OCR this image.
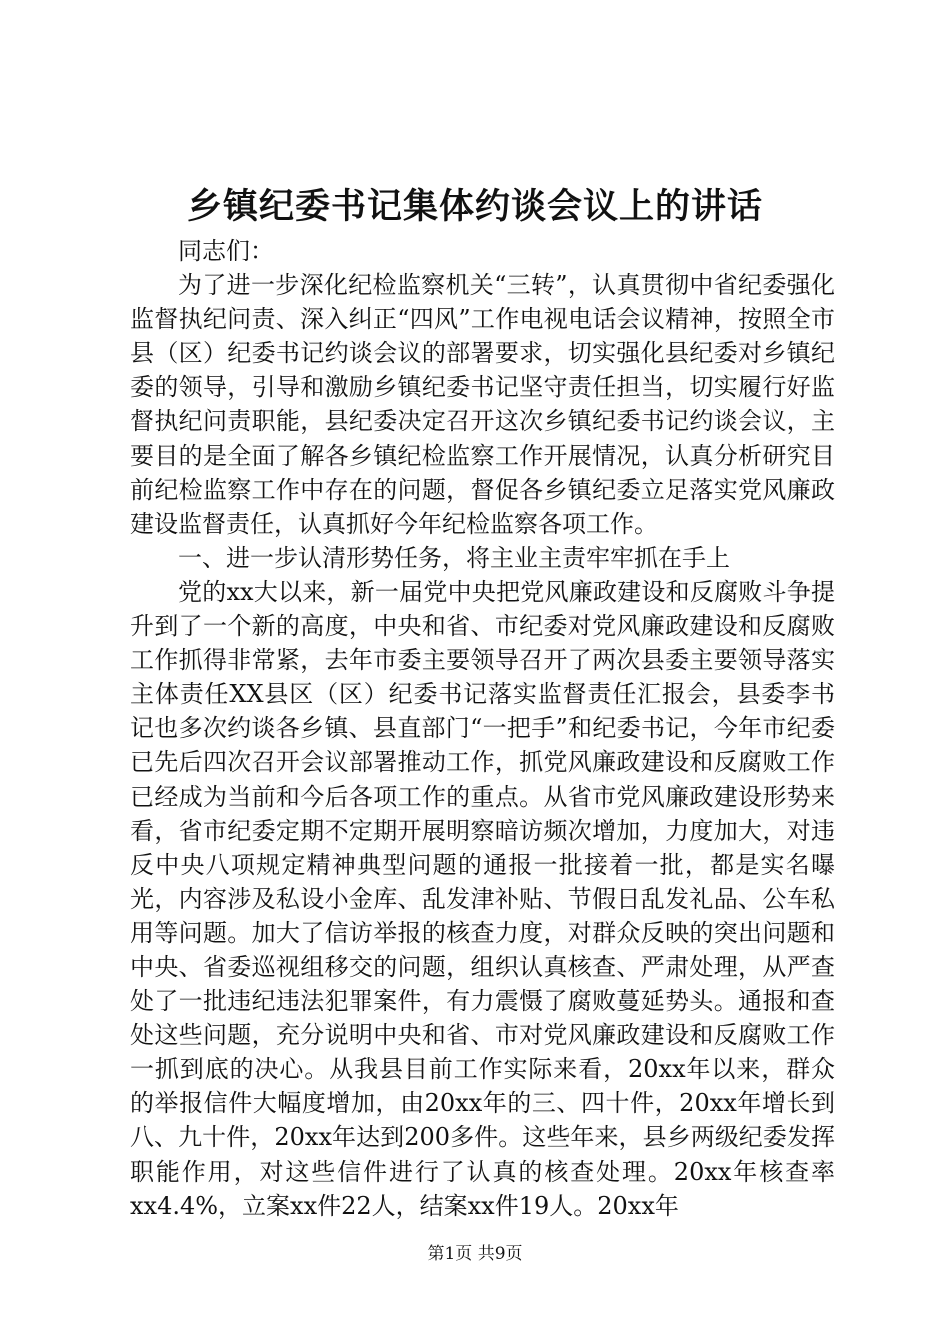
乡镇纪委书记集体约谈会议上的讲话

同志们：

为了进一步深化纪检监察机关“三转”，认真贯彻中省纪委强化监督执纪问责、深入纠正“四风”工作电视电话会议精神，按照全市县（区）纪委书记约谈会议的部署要求，切实强化县纪委对乡镇纪委的领导，引导和激励乡镇纪委书记坚守责任担当，切实履行好监督执纪问责职能，县纪委决定召开这次乡镇纪委书记约谈会议，主要目的是全面了解各乡镇纪检监察工作开展情况，认真分析研究目前纪检监察工作中存在的问题，督促各乡镇纪委立足落实党风廉政建设监督责任，认真抓好今年纪检监察各项工作。

一、进一步认清形势任务，将主业主责牢牢抓在手上

党的xx大以来，新一届党中央把党风廉政建设和反腐败斗争提升到了一个新的高度，中央和省、市纪委对党风廉政建设和反腐败工作抓得非常紧，去年市委主要领导召开了两次县委主要领导落实主体责任XX县区（区）纪委书记落实监督责任汇报会，县委李书记也多次约谈各乡镇、县直部门“一把手”和纪委书记，今年市纪委已先后四次召开会议部署推动工作，抓党风廉政建设和反腐败工作已经成为当前和今后各项工作的重点。从省市党风廉政建设形势来看，省市纪委定期不定期开展明察暗访频次增加，力度加大，对违反中央八项规定精神典型问题的通报一批接着一批，都是实名曝光，内容涉及私设小金库、乱发津补贴、节假日乱发礼品、公车私用等问题。加大了信访举报的核查力度，对群众反映的突出问题和中央、省委巡视组移交的问题，组织认真核查、严肃处理，从严查处了一批违纪违法犯罪案件，有力震慑了腐败蔓延势头。通报和查处这些问题，充分说明中央和省、市对党风廉政建设和反腐败工作一抓到底的决心。从我县目前工作实际来看，20xx年以来，群众的举报信件大幅度增加，由20xx年的三、四十件，20xx年增长到八、九十件，20xx年达到200多件。这些年来，县乡两级纪委发挥职能作用，对这些信件进行了认真的核查处理。20xx年核查率xx4.4%，立案xx件22人，结案xx件19人。20xx年

第1页 共9页
